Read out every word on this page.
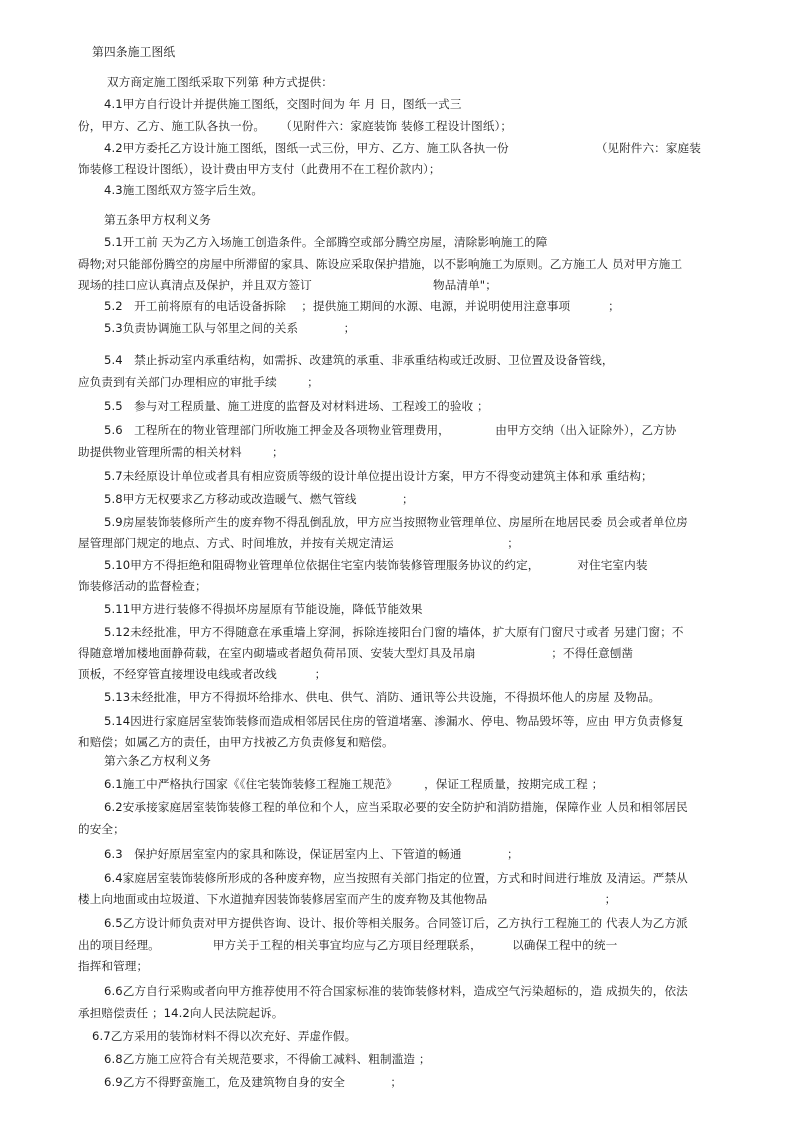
第四条施工图纸
双方商定施工图纸采取下列第 种方式提供：
4.1甲方自行设计并提供施工图纸，交图时间为 年 月 日，图纸一式三
份，甲方、乙方、施工队各执一份。    （见附件六：家庭装饰 装修工程设计图纸）；
4.2甲方委托乙方设计施工图纸，图纸一式三份，甲方、乙方、施工队各执一份                       （见附件六：家庭装
饰装修工程设计图纸），设计费由甲方支付（此费用不在工程价款内）；
4.3施工图纸双方签字后生效。
第五条甲方权利义务
5.1开工前 天为乙方入场施工创造条件。全部腾空或部分腾空房屋，清除影响施工的障
碍物;对只能部份腾空的房屋中所滞留的家具、陈设应采取保护措施，以不影响施工为原则。乙方施工人 员对甲方施工
现场的挂口应认真清点及保护，并且双方签订                                物品清单"；
5.2   开工前将原有的电话设备拆除    ；提供施工期间的水源、电源，并说明使用注意事项          ；
5.3负责协调施工队与邻里之间的关系            ；
5.4   禁止拆动室内承重结构，如需拆、改建筑的承重、非承重结构或迁改厨、卫位置及设备管线，
应负责到有关部门办理相应的审批手续        ；
5.5   参与对工程质量、施工进度的监督及对材料进场、工程竣工的验收 ；
5.6   工程所在的物业管理部门所收施工押金及各项物业管理费用，            由甲方交纳（出入证除外），乙方协
助提供物业管理所需的相关材料        ；
5.7未经原设计单位或者具有相应资质等级的设计单位提出设计方案，甲方不得变动建筑主体和承 重结构；
5.8甲方无权要求乙方移动或改造暖气、燃气管线            ；
5.9房屋装饰装修所产生的废弃物不得乱倒乱放，甲方应当按照物业管理单位、房屋所在地居民委 员会或者单位房
屋管理部门规定的地点、方式、时间堆放，并按有关规定清运                              ；
5.10甲方不得拒绝和阻碍物业管理单位依据住宅室内装饰装修管理服务协议的约定，          对住宅室内装
饰装修活动的监督检查；
5.11甲方进行装修不得损坏房屋原有节能设施，降低节能效果
5.12未经批准，甲方不得随意在承重墙上穿洞，拆除连接阳台门窗的墙体，扩大原有门窗尺寸或者 另建门窗；不
得随意增加楼地面静荷载，在室内砌墙或者超负荷吊顶、安装大型灯具及吊扇                    ；不得任意刨凿
顶板，不经穿管直接埋设电线或者改线          ；
5.13未经批准，甲方不得损坏给排水、供电、供气、消防、通讯等公共设施，不得损坏他人的房屋 及物品。
5.14因进行家庭居室装饰装修而造成相邻居民住房的管道堵塞、渗漏水、停电、物品毁坏等，应由 甲方负责修复
和赔偿；如属乙方的责任，由甲方找被乙方负责修复和赔偿。
第六条乙方权利义务
6.1施工中严格执行国家《《住宅装饰装修工程施工规范》       ，保证工程质量，按期完成工程 ；
6.2安承接家庭居室装饰装修工程的单位和个人，应当采取必要的安全防护和消防措施，保障作业 人员和相邻居民
的安全；
6.3   保护好原居室室内的家具和陈设，保证居室内上、下管道的畅通            ；
6.4家庭居室装饰装修所形成的各种废弃物，应当按照有关部门指定的位置，方式和时间进行堆放 及清运。严禁从
楼上向地面或由垃圾道、下水道抛弃因装饰装修居室而产生的废弃物及其他物品                               ；
6.5乙方设计师负责对甲方提供咨询、设计、报价等相关服务。合同签订后，乙方执行工程施工的 代表人为乙方派
出的项目经理。              甲方关于工程的相关事宜均应与乙方项目经理联系，        以确保工程中的统一
指挥和管理；
6.6乙方自行采购或者向甲方推荐使用不符合国家标准的装饰装修材料，造成空气污染超标的，造 成损失的，依法
承担赔偿责任 ；14.2向人民法院起诉。
6.7乙方采用的装饰材料不得以次充好、弄虚作假。
6.8乙方施工应符合有关规范要求，不得偷工减料、粗制滥造 ；
6.9乙方不得野蛮施工，危及建筑物自身的安全            ；
